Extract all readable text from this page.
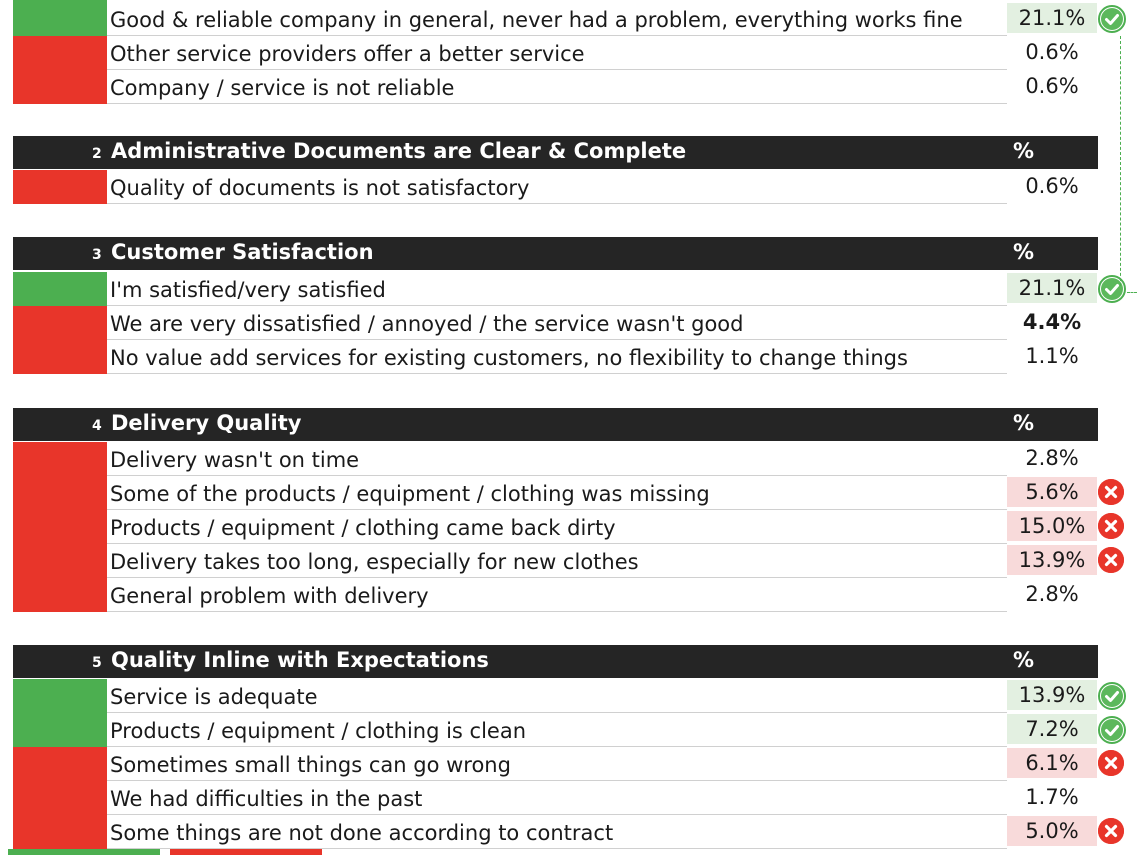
Good & reliable company in general, never had a problem, everything works fine	21.1%
Other service providers offer a better service	0.6%
Company / service is not reliable	0.6%
2 Administrative Documents are Clear & Complete	%
Quality of documents is not satisfactory	0.6%
3 Customer Satisfaction	%
I'm satisfied/very satisfied	21.1%
We are very dissatisfied / annoyed / the service wasn't good	4.4%
No value add services for existing customers, no flexibility to change things	1.1%
4 Delivery Quality	%
Delivery wasn't on time	2.8%
Some of the products / equipment / clothing was missing	5.6%
Products / equipment / clothing came back dirty	15.0%
Delivery takes too long, especially for new clothes	13.9%
General problem with delivery	2.8%
5 Quality Inline with Expectations	%
Service is adequate	13.9%
Products / equipment / clothing is clean	7.2%
Sometimes small things can go wrong	6.1%
We had difficulties in the past	1.7%
Some things are not done according to contract	5.0%
